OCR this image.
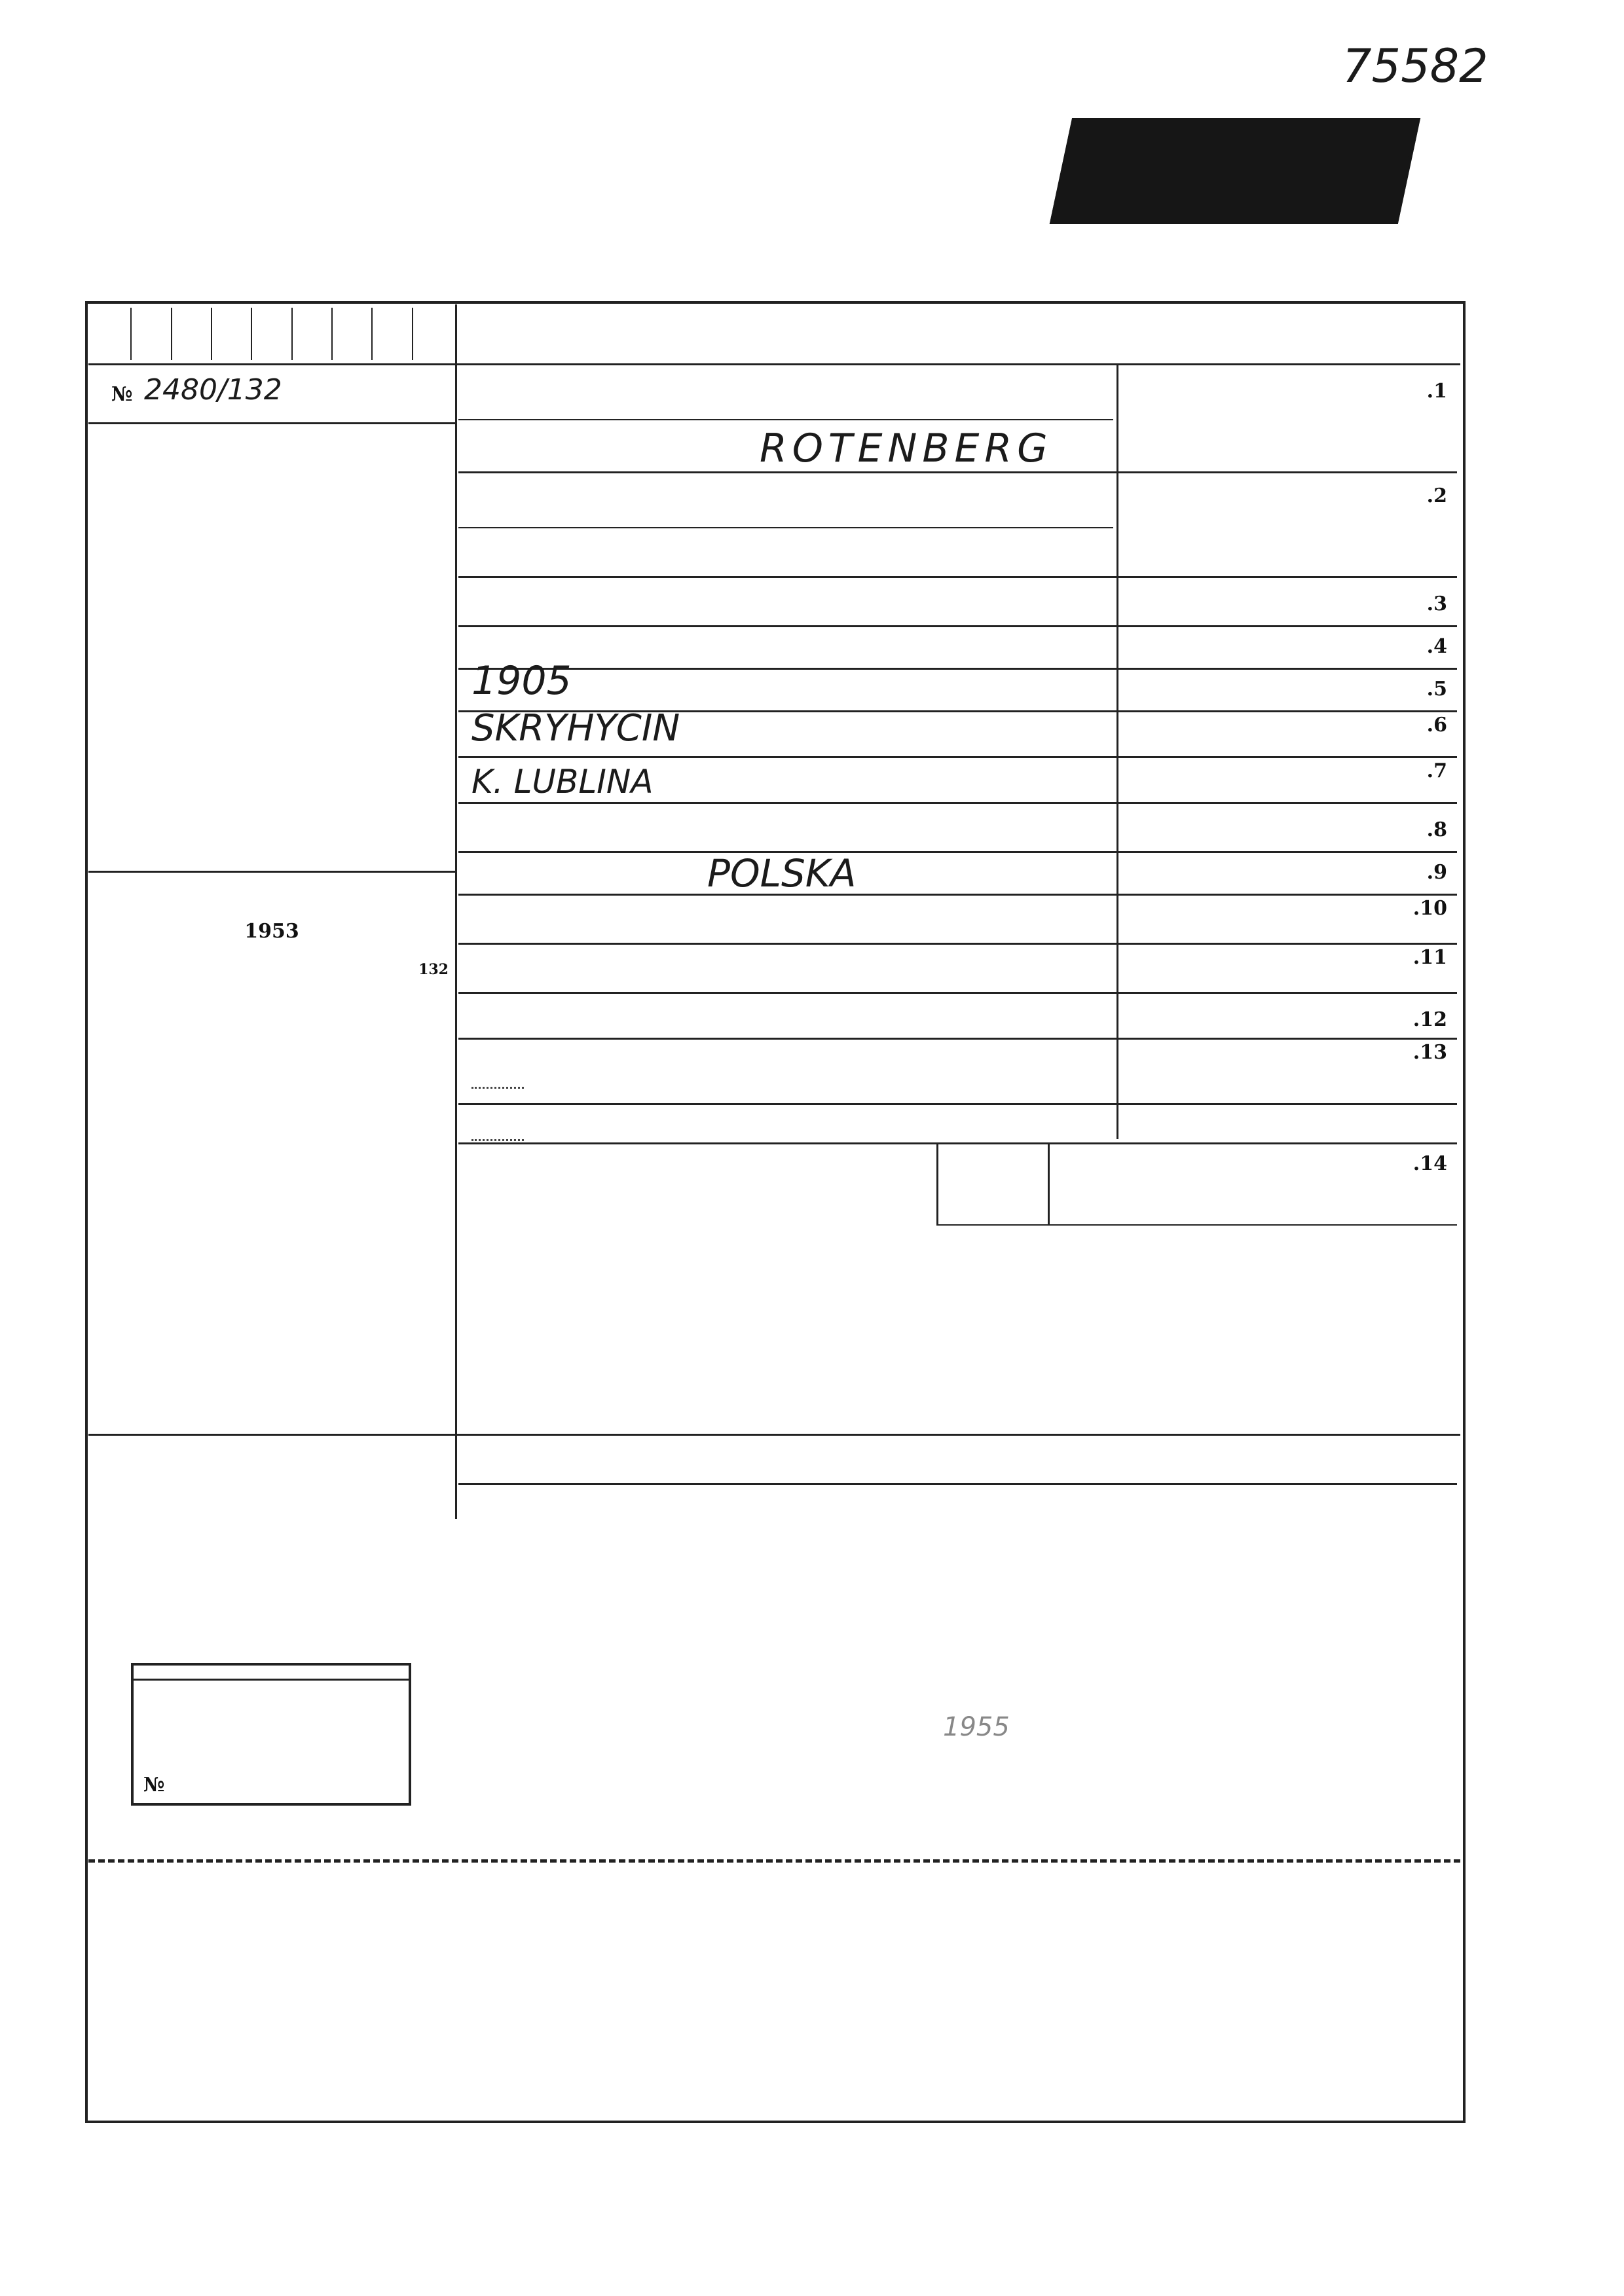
75582
№ 2480/132	1.
ROTENBERG
2.
3.
4.
5.
1905
6.
SKRYHYCIN
7.
K. LUBLINA
8.
9.
POLSKA
10.
11.
12.
13.
14.
1953
132
1955
№
